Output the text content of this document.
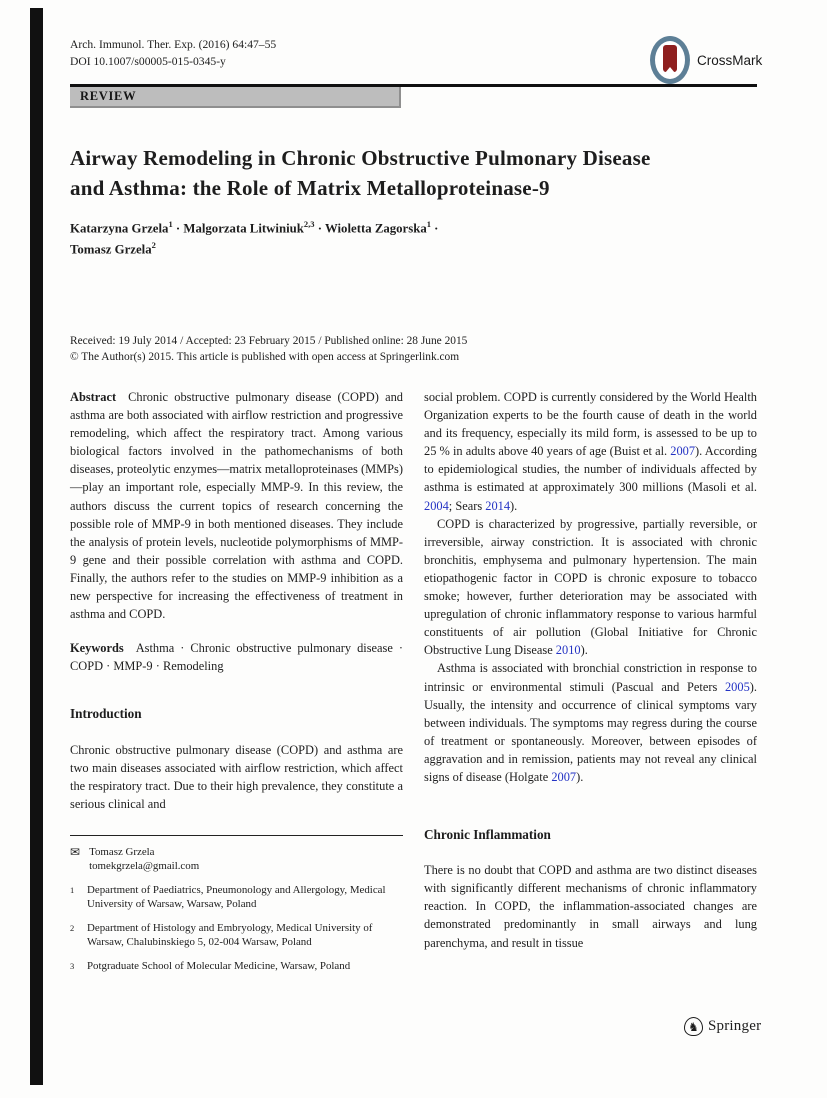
Arch. Immunol. Ther. Exp. (2016) 64:47–55
DOI 10.1007/s00005-015-0345-y	CrossMark
REVIEW
Airway Remodeling in Chronic Obstructive Pulmonary Disease
and Asthma: the Role of Matrix Metalloproteinase-9
Katarzyna Grzela$^1$ · Malgorzata Litwiniuk$^{2,3}$ · Wioletta Zagorska$^1$ ·
Tomasz Grzela$^2$
Received: 19 July 2014 / Accepted: 23 February 2015 / Published online: 28 June 2015
© The Author(s) 2015. This article is published with open access at Springerlink.com

Abstract Chronic obstructive pulmonary disease (COPD) and asthma are both associated with airflow restriction and progressive remodeling, which affect the respiratory tract. Among various biological factors involved in the pathomechanisms of both diseases, proteolytic enzymes—matrix metalloproteinases (MMPs)—play an important role, especially MMP-9. In this review, the authors discuss the current topics of research concerning the possible role of MMP-9 in both mentioned diseases. They include the analysis of protein levels, nucleotide polymorphisms of MMP-9 gene and their possible correlation with asthma and COPD. Finally, the authors refer to the studies on MMP-9 inhibition as a new perspective for increasing the effectiveness of treatment in asthma and COPD.

Keywords Asthma · Chronic obstructive pulmonary disease · COPD · MMP-9 · Remodeling

Introduction

Chronic obstructive pulmonary disease (COPD) and asthma are two main diseases associated with airflow restriction, which affect the respiratory tract. Due to their high prevalence, they constitute a serious clinical and

✉ Tomasz Grzela
tomekgrzela@gmail.com
1 Department of Paediatrics, Pneumonology and Allergology, Medical University of Warsaw, Warsaw, Poland
2 Department of Histology and Embryology, Medical University of Warsaw, Chalubinskiego 5, 02-004 Warsaw, Poland
3 Potgraduate School of Molecular Medicine, Warsaw, Poland

social problem. COPD is currently considered by the World Health Organization experts to be the fourth cause of death in the world and its frequency, especially its mild form, is assessed to be up to 25 % in adults above 40 years of age (Buist et al. 2007). According to epidemiological studies, the number of individuals affected by asthma is estimated at approximately 300 millions (Masoli et al. 2004; Sears 2014).

COPD is characterized by progressive, partially reversible, or irreversible, airway constriction. It is associated with chronic bronchitis, emphysema and pulmonary hypertension. The main etiopathogenic factor in COPD is chronic exposure to tobacco smoke; however, further deterioration may be associated with upregulation of chronic inflammatory response to various harmful constituents of air pollution (Global Initiative for Chronic Obstructive Lung Disease 2010).

Asthma is associated with bronchial constriction in response to intrinsic or environmental stimuli (Pascual and Peters 2005). Usually, the intensity and occurrence of clinical symptoms vary between individuals. The symptoms may regress during the course of treatment or spontaneously. Moreover, between episodes of aggravation and in remission, patients may not reveal any clinical signs of disease (Holgate 2007).

Chronic Inflammation

There is no doubt that COPD and asthma are two distinct diseases with significantly different mechanisms of chronic inflammatory reaction. In COPD, the inflammation-associated changes are demonstrated predominantly in small airways and lung parenchyma, and result in tissue

♞ Springer
